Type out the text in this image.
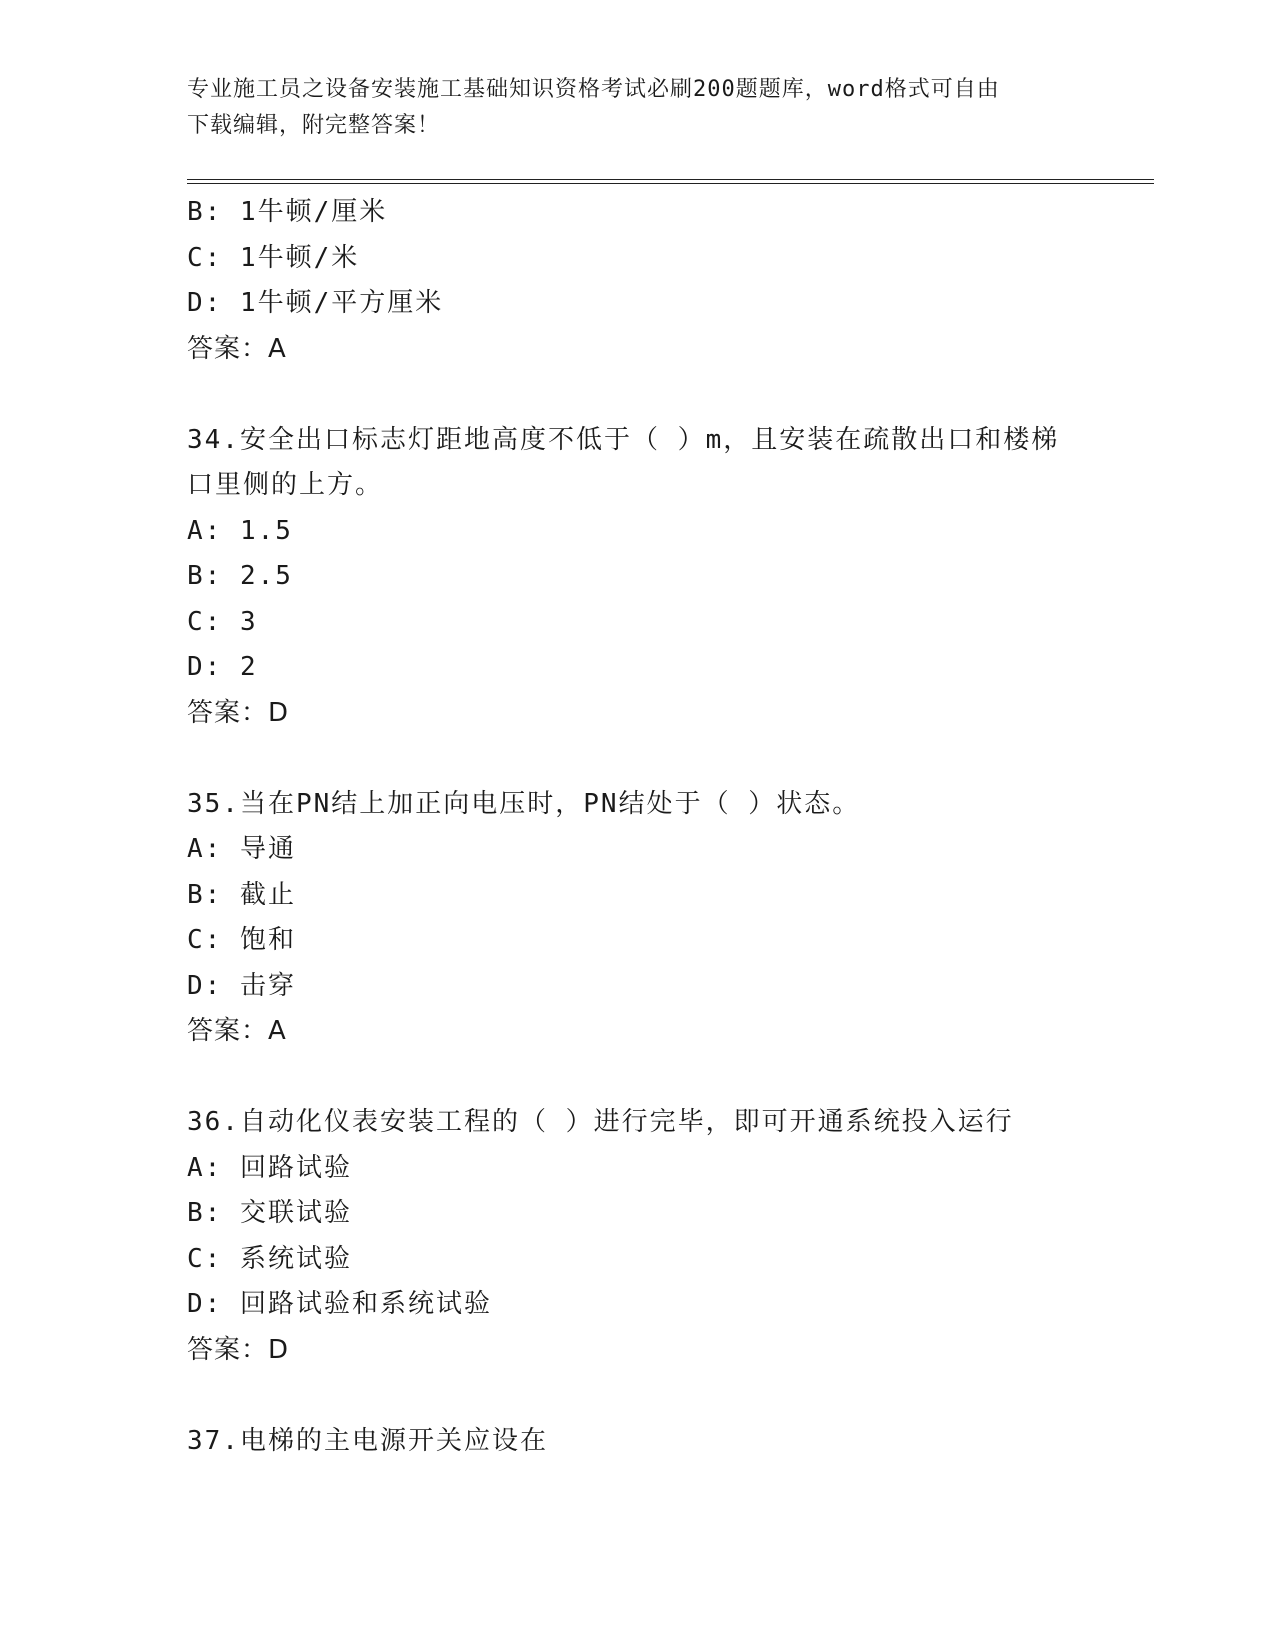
专业施工员之设备安装施工基础知识资格考试必刷200题题库，word格式可自由
下载编辑，附完整答案！
B: 1牛顿/厘米
C: 1牛顿/米
D: 1牛顿/平方厘米
答案：A
34.安全出口标志灯距地高度不低于（ ）m，且安装在疏散出口和楼梯
口里侧的上方。
A: 1.5
B: 2.5
C: 3
D: 2
答案：D
35.当在PN结上加正向电压时，PN结处于（ ）状态。
A: 导通
B: 截止
C: 饱和
D: 击穿
答案：A
36.自动化仪表安装工程的（ ）进行完毕，即可开通系统投入运行
A: 回路试验
B: 交联试验
C: 系统试验
D: 回路试验和系统试验
答案：D
37.电梯的主电源开关应设在
